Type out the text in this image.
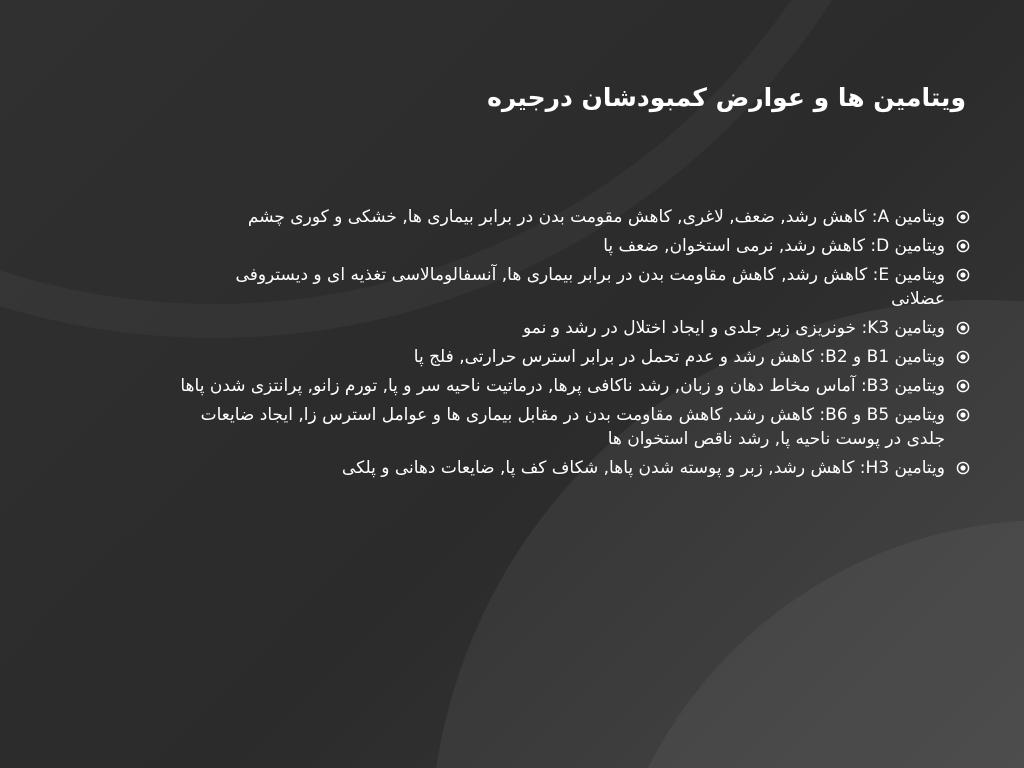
ویتامین ها و عوارض کمبودشان درجیره
ویتامین A: کاهش رشد, ضعف, لاغری, کاهش مقومت بدن در برابر بیماری ها, خشکی و کوری چشم
ویتامین D: کاهش رشد, نرمی استخوان, ضعف پا
ویتامین E: کاهش رشد, کاهش مقاومت بدن در برابر بیماری ها, آنسفالومالاسی تغذیه ای و دیستروفی عضلانی
ویتامین K3: خونریزی زیر جلدی و ایجاد اختلال در رشد و نمو
ویتامین B1 و B2: کاهش رشد و عدم تحمل در برابر استرس حرارتی, فلج پا
ویتامین B3: آماس مخاط دهان و زبان, رشد ناکافی پرها, درماتیت ناحیه سر و پا, تورم زانو, پرانتزی شدن پاها
ویتامین B5 و B6: کاهش رشد, کاهش مقاومت بدن در مقابل بیماری ها و عوامل استرس زا, ایجاد ضایعات جلدی در پوست ناحیه پا, رشد ناقص استخوان ها
ویتامین H3: کاهش رشد, زبر و پوسته شدن پاها, شکاف کف پا, ضایعات دهانی و پلکی
